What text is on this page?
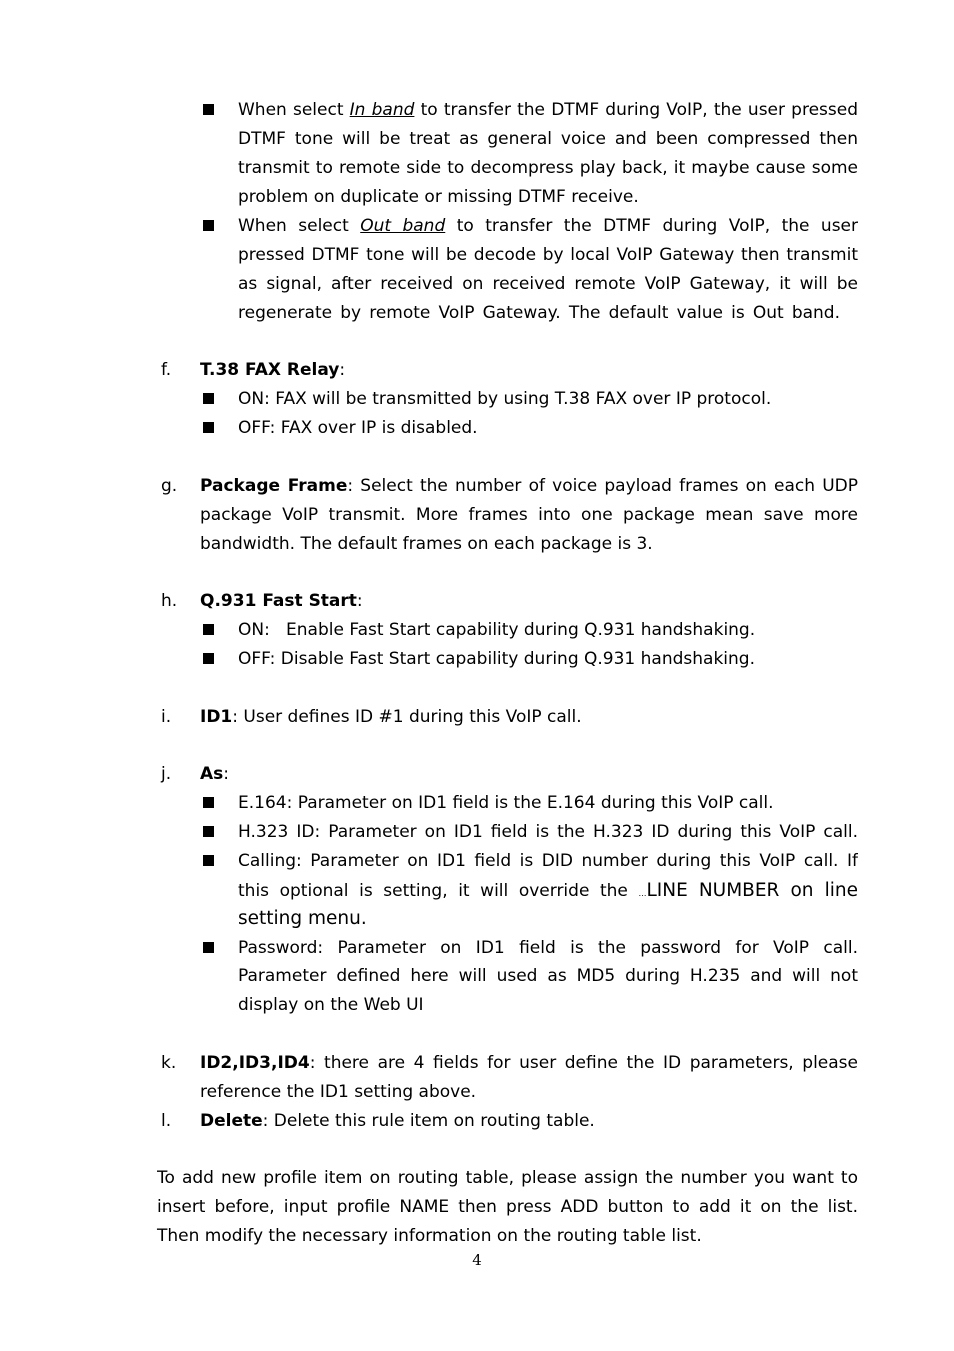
When select In band to transfer the DTMF during VoIP, the user pressed
DTMF tone will be treat as general voice and been compressed then
transmit to remote side to decompress play back, it maybe cause some
problem on duplicate or missing DTMF receive.
When select Out band to transfer the DTMF during VoIP, the user
pressed DTMF tone will be decode by local VoIP Gateway then transmit
as signal, after received on received remote VoIP Gateway, it will be
regenerate by remote VoIP Gateway. The default value is Out band.
f. T.38 FAX Relay:
ON: FAX will be transmitted by using T.38 FAX over IP protocol.
OFF: FAX over IP is disabled.
g. Package Frame: Select the number of voice payload frames on each UDP
package VoIP transmit. More frames into one package mean save more
bandwidth. The default frames on each package is 3.
h. Q.931 Fast Start:
ON:   Enable Fast Start capability during Q.931 handshaking.
OFF: Disable Fast Start capability during Q.931 handshaking.
i. ID1: User defines ID #1 during this VoIP call.
j. As:
E.164: Parameter on ID1 field is the E.164 during this VoIP call.
H.323 ID: Parameter on ID1 field is the H.323 ID during this VoIP call.
Calling: Parameter on ID1 field is DID number during this VoIP call. If
this optional is setting, it will override the …LINE NUMBER on line
setting menu.
Password: Parameter on ID1 field is the password for VoIP call.
Parameter defined here will used as MD5 during H.235 and will not
display on the Web UI
k. ID2,ID3,ID4: there are 4 fields for user define the ID parameters, please
reference the ID1 setting above.
l. Delete: Delete this rule item on routing table.
To add new profile item on routing table, please assign the number you want to
insert before, input profile NAME then press ADD button to add it on the list.
Then modify the necessary information on the routing table list.
4
